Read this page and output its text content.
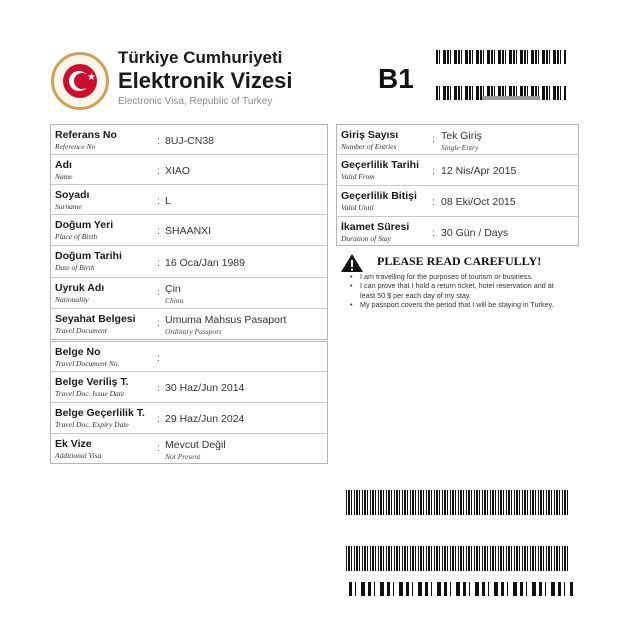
★
Türkiye Cumhuriyeti
Elektronik Vizesi
Electronic Visa, Republic of Turkey
B1
Referans No
Reference No	: 8UJ-CN38
Adı
Name	: XIAO
Soyadı
Surname	: L
Doğum Yeri
Place of Birth	: SHAANXI
Doğum Tarihi
Date of Birth	: 16 Oca/Jan 1989
Uyruk Adı
Nationality
: Çin
China
Seyahat Belgesi
Travel Document
: Umuma Mahsus Pasaport
Ordinary Passport
Belge No
Travel Document No.	:
Belge Veriliş T.
Travel Doc. Issue Date	: 30 Haz/Jun 2014
Belge Geçerlilik T.
Travel Doc. Expiry Date	: 29 Haz/Jun 2024
Ek Vize
Additional Visa
: Mevcut Değil
Not Present
Giriş Sayısı
Number of Entries
: Tek Giriş
Single Entry
Geçerlilik Tarihi
Valid From	: 12 Nis/Apr 2015
Geçerlilik Bitişi
Valid Until	: 08 Eki/Oct 2015
İkamet Süresi
Duration of Stay	: 30 Gün / Days
PLEASE READ CAREFULLY!
• I am travelling for the purposes of tourism or business.
• I can prove that I hold a return ticket, hotel reservation and at least 50 $ per each day of my stay.
• My passport covers the period that I will be staying in Turkey.
